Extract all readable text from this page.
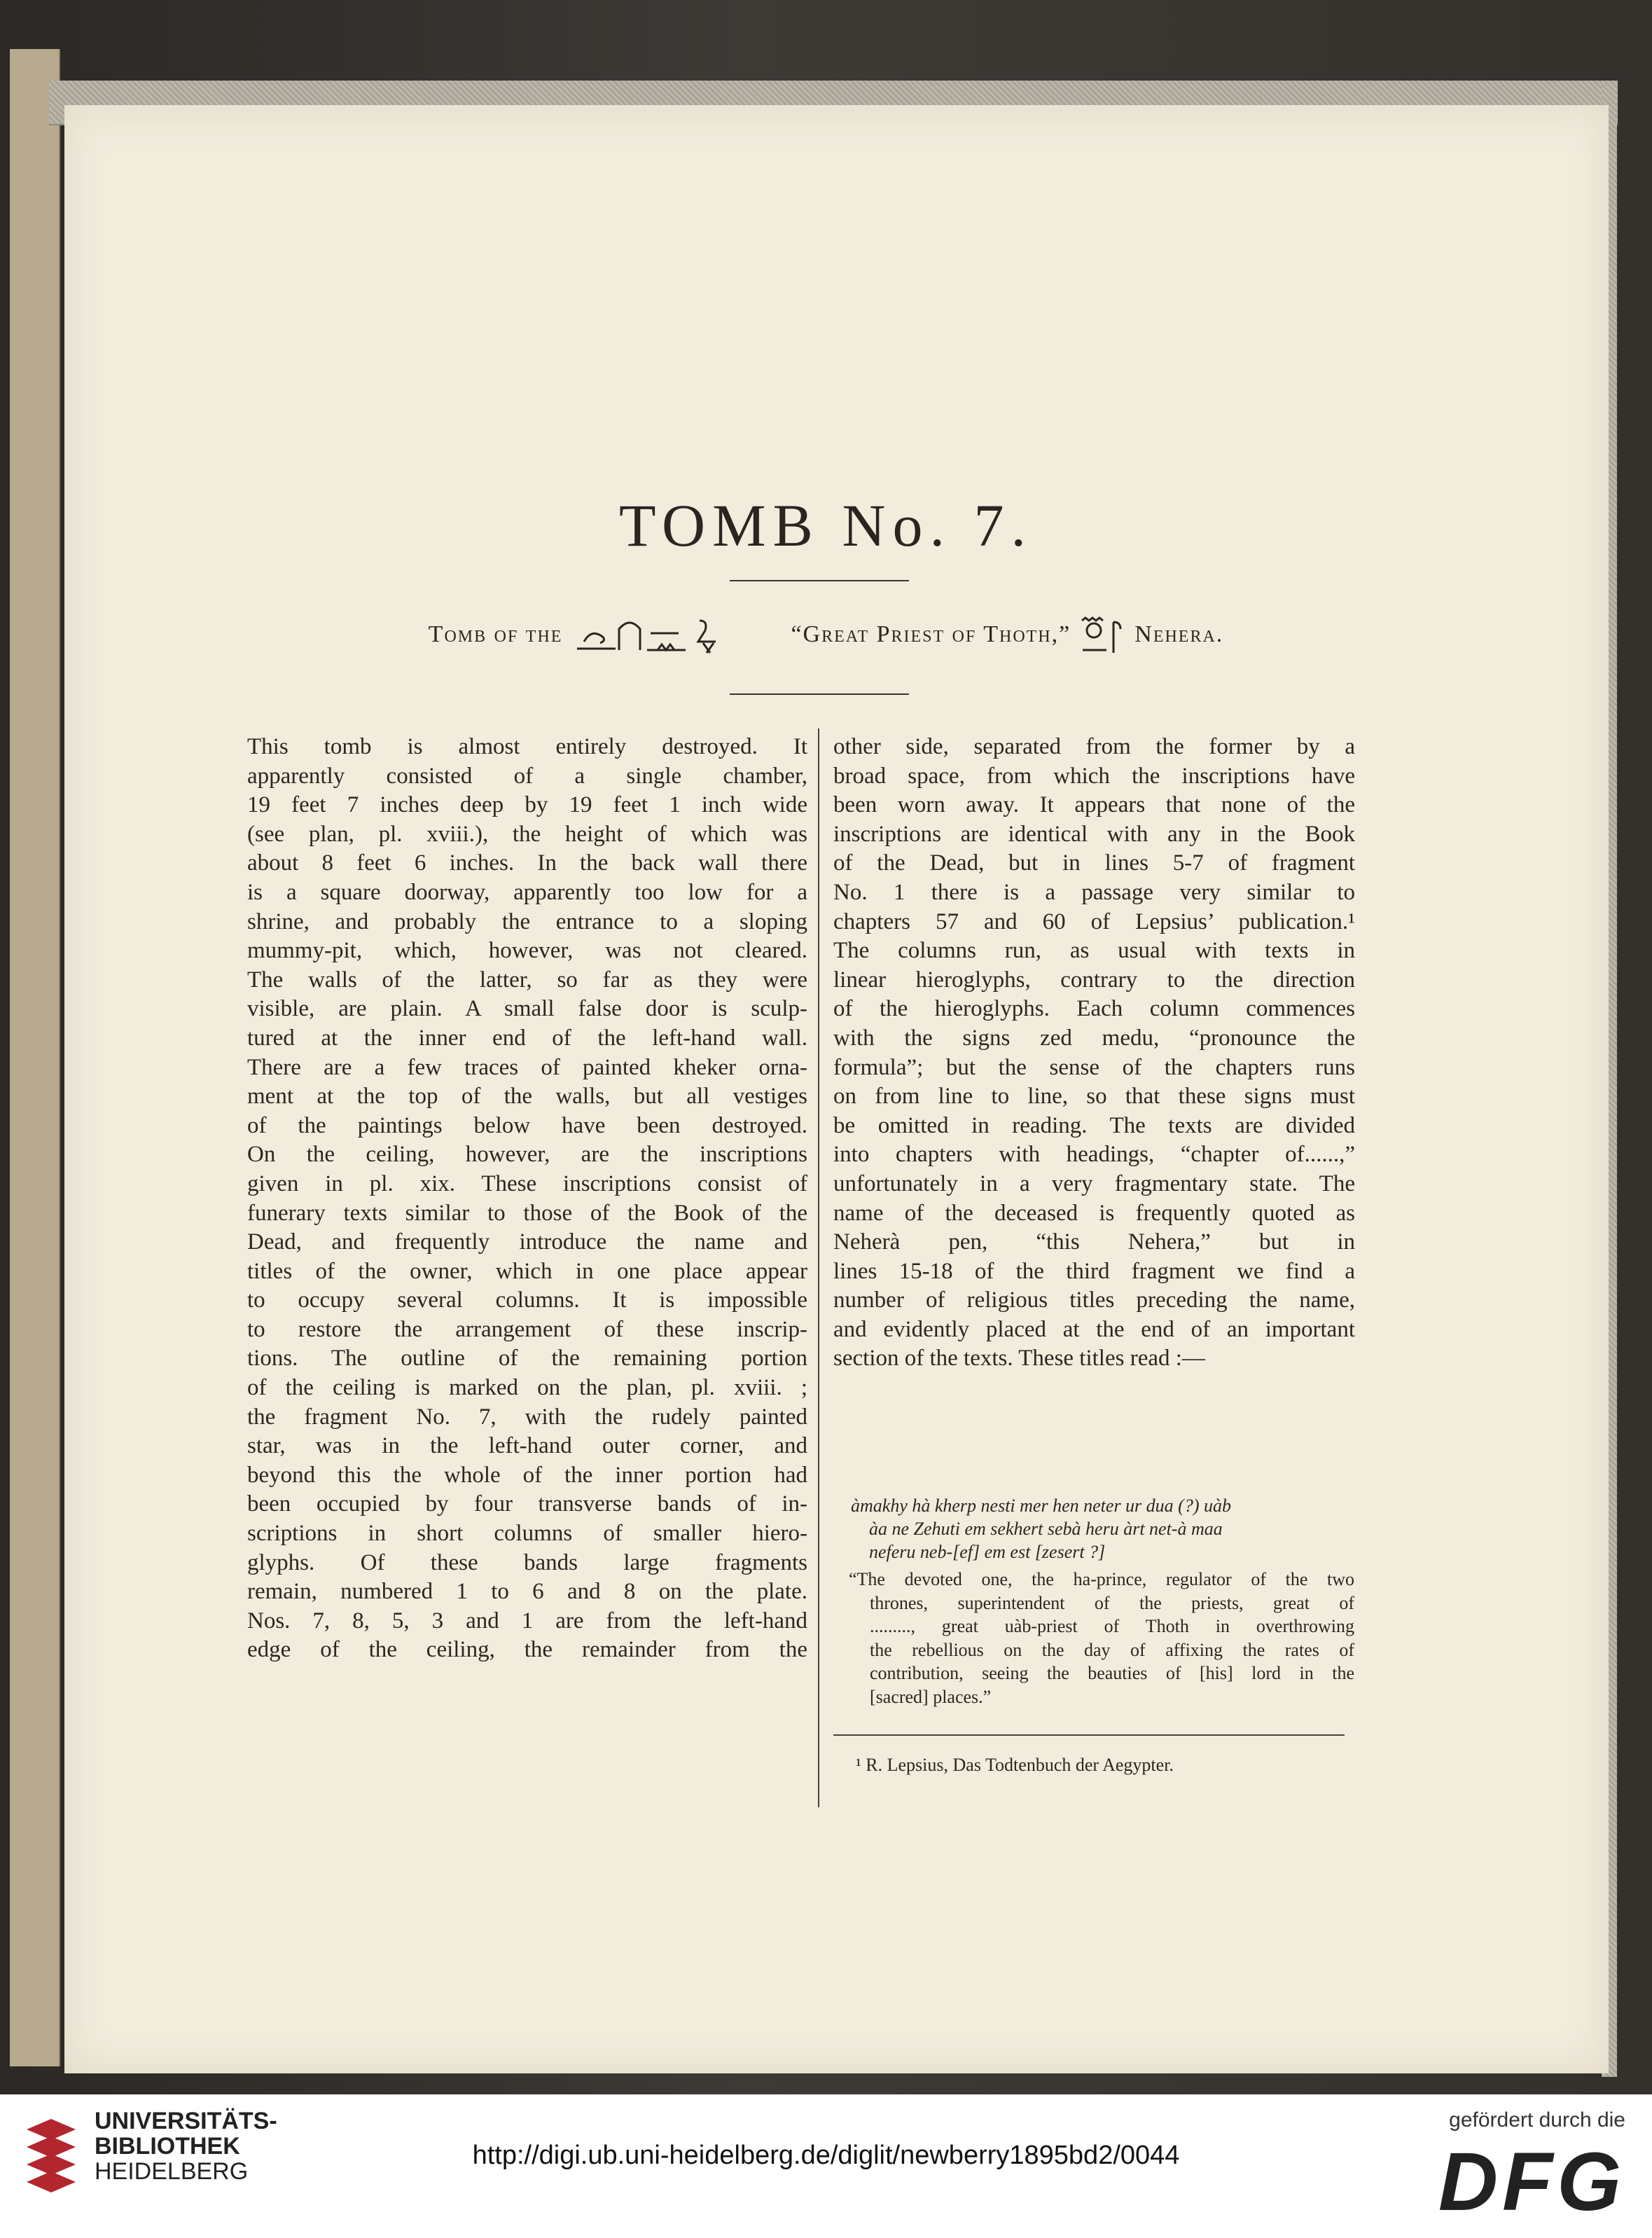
TOMB No. 7.
Tomb of the	“Great Priest of Thoth,”	Nehera.
This tomb is almost entirely destroyed. It
apparently consisted of a single chamber,
19 feet 7 inches deep by 19 feet 1 inch wide
(see plan, pl. xviii.), the height of which was
about 8 feet 6 inches. In the back wall there
is a square doorway, apparently too low for a
shrine, and probably the entrance to a sloping
mummy-pit, which, however, was not cleared.
The walls of the latter, so far as they were
visible, are plain. A small false door is sculp-
tured at the inner end of the left-hand wall.
There are a few traces of painted kheker orna-
ment at the top of the walls, but all vestiges
of the paintings below have been destroyed.
On the ceiling, however, are the inscriptions
given in pl. xix. These inscriptions consist of
funerary texts similar to those of the Book of the
Dead, and frequently introduce the name and
titles of the owner, which in one place appear
to occupy several columns. It is impossible
to restore the arrangement of these inscrip-
tions. The outline of the remaining portion
of the ceiling is marked on the plan, pl. xviii. ;
the fragment No. 7, with the rudely painted
star, was in the left-hand outer corner, and
beyond this the whole of the inner portion had
been occupied by four transverse bands of in-
scriptions in short columns of smaller hiero-
glyphs. Of these bands large fragments
remain, numbered 1 to 6 and 8 on the plate.
Nos. 7, 8, 5, 3 and 1 are from the left-hand
edge of the ceiling, the remainder from the
other side, separated from the former by a
broad space, from which the inscriptions have
been worn away. It appears that none of the
inscriptions are identical with any in the Book
of the Dead, but in lines 5-7 of fragment
No. 1 there is a passage very similar to
chapters 57 and 60 of Lepsius’ publication.¹
The columns run, as usual with texts in
linear hieroglyphs, contrary to the direction
of the hieroglyphs. Each column commences
with the signs zed medu, “pronounce the
formula”; but the sense of the chapters runs
on from line to line, so that these signs must
be omitted in reading. The texts are divided
into chapters with headings, “chapter of......,”
unfortunately in a very fragmentary state. The
name of the deceased is frequently quoted as
Neherà pen, “this Nehera,” but in
lines 15-18 of the third fragment we find a
number of religious titles preceding the name,
and evidently placed at the end of an important
section of the texts. These titles read :—
àmakhy hà kherp nesti mer hen neter ur dua (?) uàb
àa ne Zehuti em sekhert sebà heru àrt net-à maa
neferu neb-[ef] em est [zesert ?]
“The devoted one, the ha-prince, regulator of the two
thrones, superintendent of the priests, great of
........., great uàb-priest of Thoth in overthrowing
the rebellious on the day of affixing the rates of
contribution, seeing the beauties of [his] lord in the
[sacred] places.”
¹ R. Lepsius, Das Todtenbuch der Aegypter.
UNIVERSITÄTS-
BIBLIOTHEK
HEIDELBERG
http://digi.ub.uni-heidelberg.de/diglit/newberry1895bd2/0044
gefördert durch die
DFG
